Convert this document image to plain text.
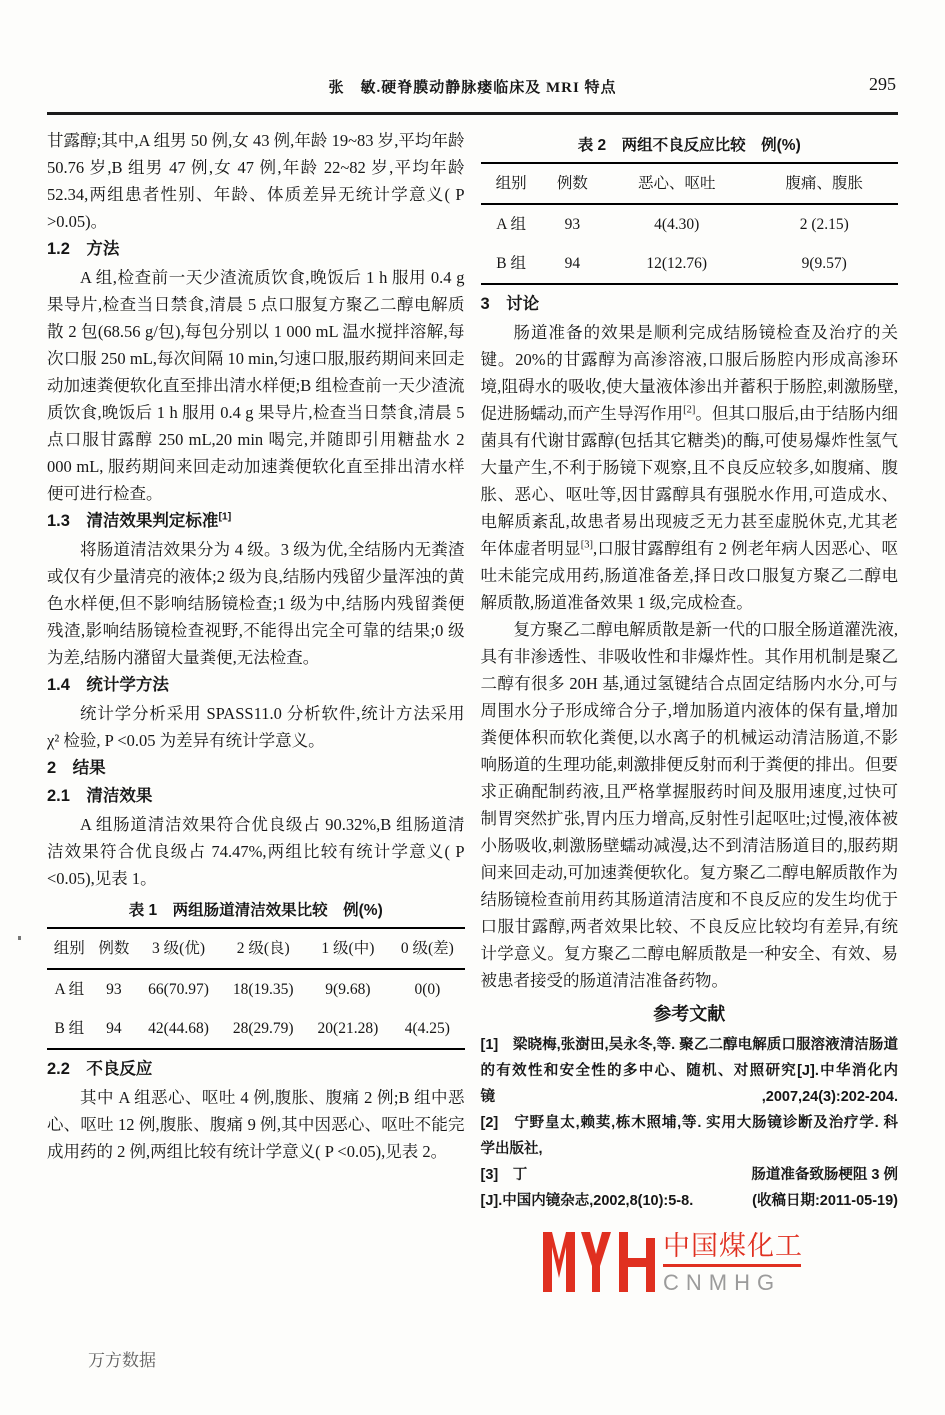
张　敏.硬脊膜动静脉瘘临床及 MRI 特点	295

甘露醇;其中,A 组男 50 例,女 43 例,年龄 19~83 岁,平均年龄 50.76 岁,B 组男 47 例,女 47 例,年龄 22~82 岁,平均年龄 52.34,两组患者性别、年龄、体质差异无统计学意义( P >0.05)。

1.2　方法

A 组,检查前一天少渣流质饮食,晚饭后 1 h 服用 0.4 g 果导片,检查当日禁食,清晨 5 点口服复方聚乙二醇电解质散 2 包(68.56 g/包),每包分别以 1 000 mL 温水搅拌溶解,每次口服 250 mL,每次间隔 10 min,匀速口服,服药期间来回走动加速粪便软化直至排出清水样便;B 组检查前一天少渣流质饮食,晚饭后 1 h 服用 0.4 g 果导片,检查当日禁食,清晨 5 点口服甘露醇 250 mL,20 min 喝完,并随即引用糖盐水 2 000 mL, 服药期间来回走动加速粪便软化直至排出清水样便可进行检查。

1.3　清洁效果判定标准[1]

将肠道清洁效果分为 4 级。3 级为优,全结肠内无粪渣或仅有少量清亮的液体;2 级为良,结肠内残留少量浑浊的黄色水样便,但不影响结肠镜检查;1 级为中,结肠内残留粪便残渣,影响结肠镜检查视野,不能得出完全可靠的结果;0 级为差,结肠内潴留大量粪便,无法检查。

1.4　统计学方法

统计学分析采用 SPASS11.0 分析软件,统计方法采用 χ² 检验, P <0.05 为差异有统计学意义。

2　结果
2.1　清洁效果

A 组肠道清洁效果符合优良级占 90.32%,B 组肠道清洁效果符合优良级占 74.47%,两组比较有统计学意义( P <0.05),见表 1。

表 1　两组肠道清洁效果比较　例(%)
组别	例数	3 级(优)	2 级(良)	1 级(中)	0 级(差)
A 组	93	66(70.97)	18(19.35)	9(9.68)	0(0)
B 组	94	42(44.68)	28(29.79)	20(21.28)	4(4.25)
2.2　不良反应

其中 A 组恶心、呕吐 4 例,腹胀、腹痛 2 例;B 组中恶心、呕吐 12 例,腹胀、腹痛 9 例,其中因恶心、呕吐不能完成用药的 2 例,两组比较有统计学意义( P <0.05),见表 2。

表 2　两组不良反应比较　例(%)
组别	例数	恶心、呕吐	腹痛、腹胀
A 组	93	4(4.30)	2 (2.15)
B 组	94	12(12.76)	9(9.57)
3　讨论

肠道准备的效果是顺利完成结肠镜检查及治疗的关键。20%的甘露醇为高渗溶液,口服后肠腔内形成高渗环境,阻碍水的吸收,使大量液体渗出并蓄积于肠腔,刺激肠壁,促进肠蠕动,而产生导泻作用[2]。但其口服后,由于结肠内细菌具有代谢甘露醇(包括其它糖类)的酶,可使易爆炸性氢气大量产生,不利于肠镜下观察,且不良反应较多,如腹痛、腹胀、恶心、呕吐等,因甘露醇具有强脱水作用,可造成水、电解质紊乱,故患者易出现疲乏无力甚至虚脱休克,尤其老年体虚者明显[3],口服甘露醇组有 2 例老年病人因恶心、呕吐未能完成用药,肠道准备差,择日改口服复方聚乙二醇电解质散,肠道准备效果 1 级,完成检查。

复方聚乙二醇电解质散是新一代的口服全肠道灌洗液,具有非渗透性、非吸收性和非爆炸性。其作用机制是聚乙二醇有很多 20H 基,通过氢键结合点固定结肠内水分,可与周围水分子形成缔合分子,增加肠道内液体的保有量,增加粪便体积而软化粪便,以水离子的机械运动清洁肠道,不影响肠道的生理功能,刺激排便反射而利于粪便的排出。但要求正确配制药液,且严格掌握服药时间及服用速度,过快可制胃突然扩张,胃内压力增高,反射性引起呕吐;过慢,液体被小肠吸收,刺激肠壁蠕动减漫,达不到清洁肠道目的,服药期间来回走动,可加速粪便软化。复方聚乙二醇电解质散作为结肠镜检查前用药其肠道清洁度和不良反应的发生均优于口服甘露醇,两者效果比较、不良反应比较均有差异,有统计学意义。复方聚乙二醇电解质散是一种安全、有效、易被患者接受的肠道清洁准备药物。

参考文献
[1]　梁晓梅,张澍田,吴永冬,等. 聚乙二醇电解质口服溶液清洁肠道的有效性和安全性的多中心、随机、对照研究[J].中华消化内镜,2007,24(3):202-204.
[2]　宁野皇太,赖荬,栋木照埔,等. 实用大肠镜诊断及治疗学. 科
学出版社,
[3]　丁	肠道准备致肠梗阻 3 例
[J].中国内镜杂志,2002,8(10):5-8.	(收稿日期:2011-05-19)
中国煤化工
CNMHG
万方数据
